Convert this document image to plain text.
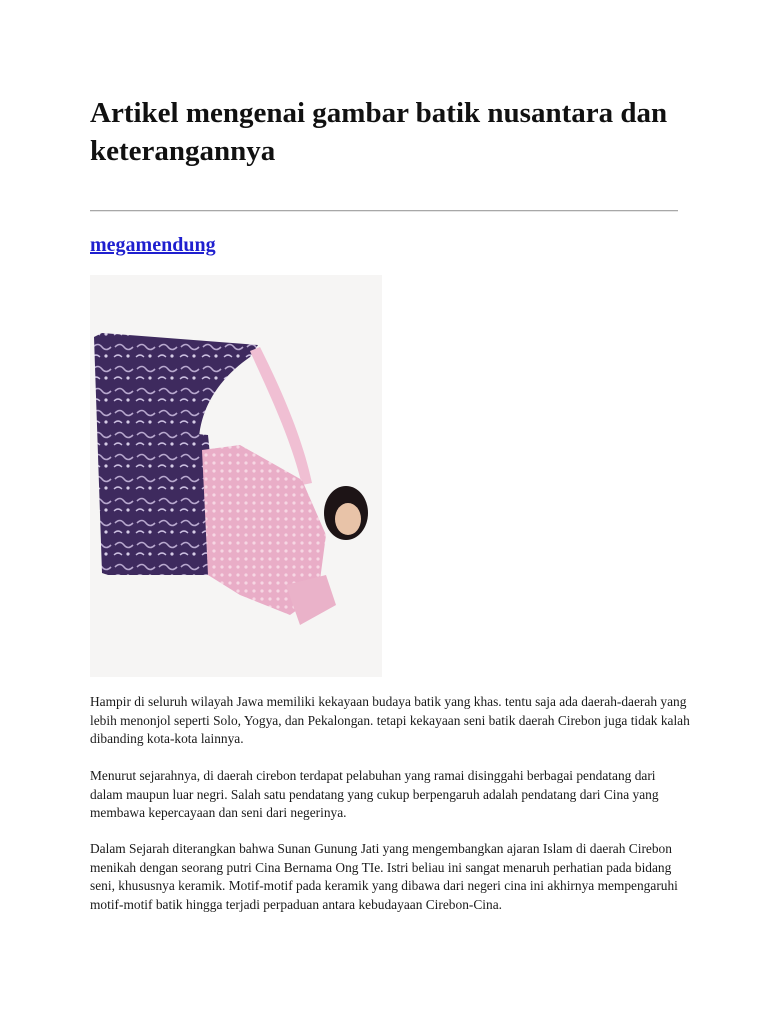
Artikel mengenai gambar batik nusantara dan keterangannya
megamendung

Hampir di seluruh wilayah Jawa memiliki kekayaan budaya batik yang khas. tentu saja ada daerah-daerah yang lebih menonjol seperti Solo, Yogya, dan Pekalongan. tetapi kekayaan seni batik daerah Cirebon juga tidak kalah dibanding kota-kota lainnya.

Menurut sejarahnya, di daerah cirebon terdapat pelabuhan yang ramai disinggahi berbagai pendatang dari dalam maupun luar negri. Salah satu pendatang yang cukup berpengaruh adalah pendatang dari Cina yang membawa kepercayaan dan seni dari negerinya.

Dalam Sejarah diterangkan bahwa Sunan Gunung Jati yang mengembangkan ajaran Islam di daerah Cirebon menikah dengan seorang putri Cina Bernama Ong TIe. Istri beliau ini sangat menaruh perhatian pada bidang seni, khususnya keramik. Motif-motif pada keramik yang dibawa dari negeri cina ini akhirnya mempengaruhi motif-motif batik hingga terjadi perpaduan antara kebudayaan Cirebon-Cina.
